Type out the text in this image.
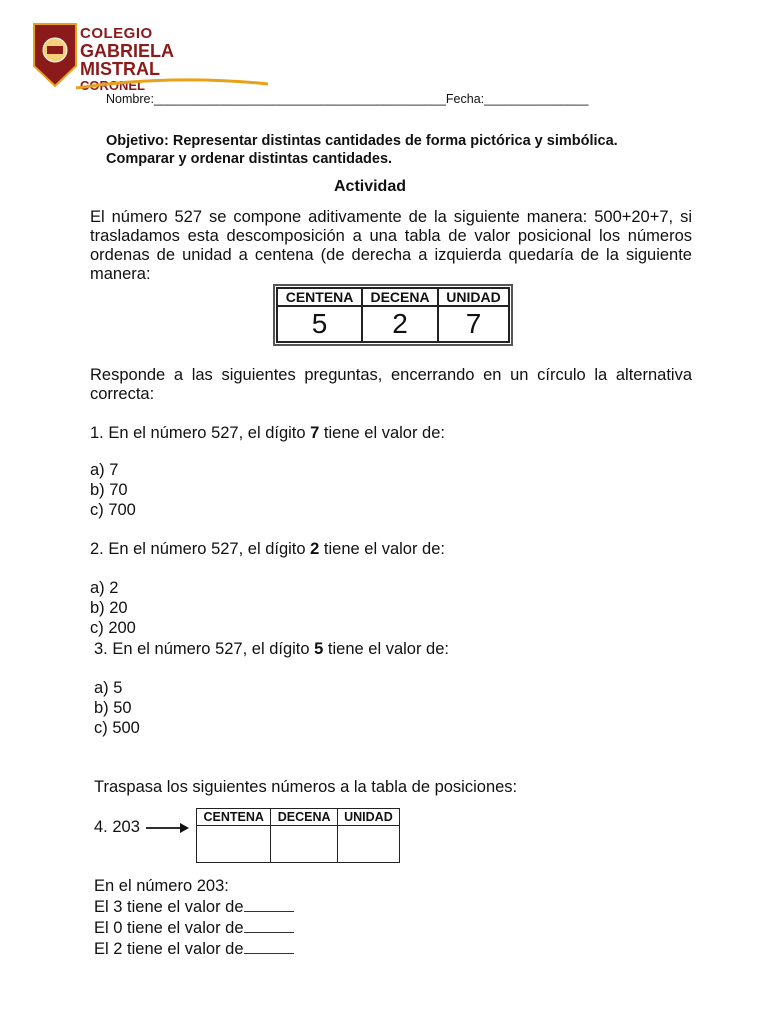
COLEGIO
GABRIELA MISTRAL
CORONEL
Nombre:__________________________________________Fecha:_______________
Objetivo: Representar distintas cantidades de forma pictórica y simbólica.
Comparar y ordenar distintas cantidades.
Actividad
El número 527 se compone aditivamente de la siguiente manera: 500+20+7, si trasladamos esta descomposición a una tabla de valor posicional los números ordenas de unidad a centena (de derecha a izquierda quedaría de la siguiente manera:
CENTENA	DECENA	UNIDAD
5	2	7
Responde a las siguientes preguntas, encerrando en un círculo la alternativa correcta:
1. En el número 527, el dígito 7 tiene el valor de:
a) 7
b) 70
c) 700
2. En el número 527, el dígito 2 tiene el valor de:
a) 2
b) 20
c) 200
3. En el número 527, el dígito 5 tiene el valor de:
a) 5
b) 50
c) 500
Traspasa los siguientes números a la tabla de posiciones:
4. 203
CENTENA	DECENA	UNIDAD

En el número 203:
El 3 tiene el valor de
El 0 tiene el valor de
El 2 tiene el valor de
